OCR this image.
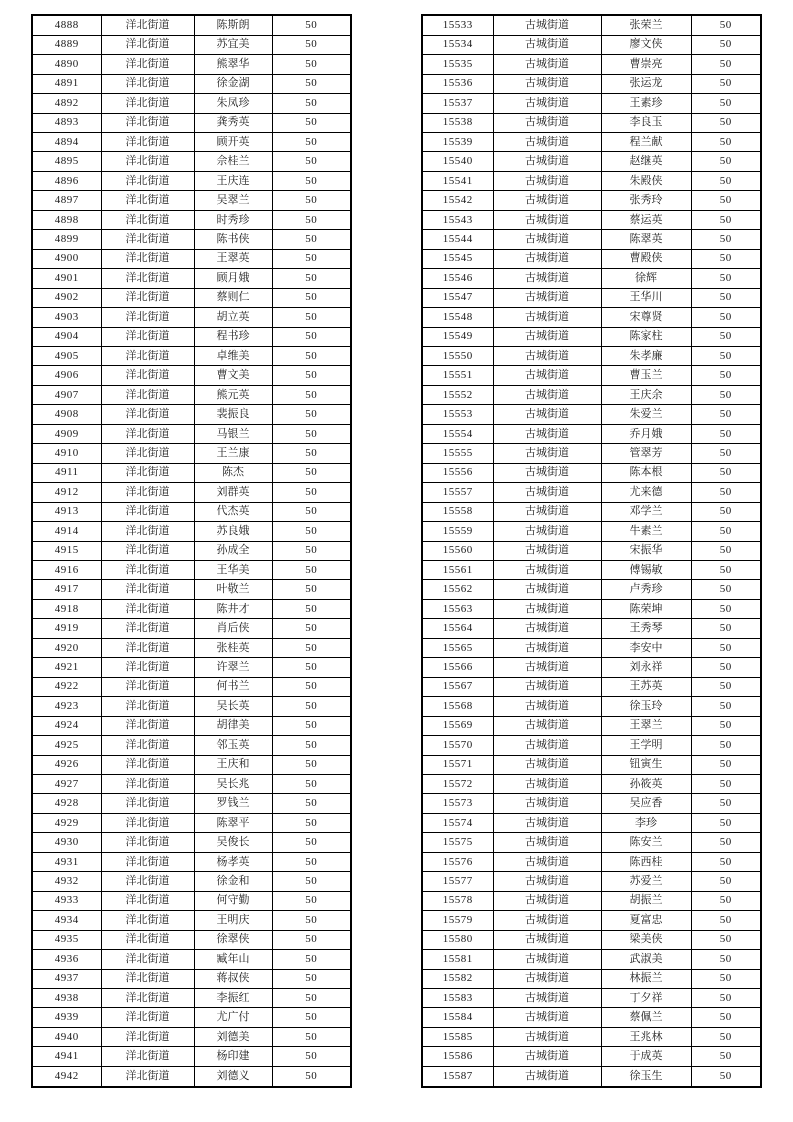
4888	洋北街道	陈斯朗	50
4889	洋北街道	苏宜美	50
4890	洋北街道	熊翠华	50
4891	洋北街道	徐金湖	50
4892	洋北街道	朱凤珍	50
4893	洋北街道	龚秀英	50
4894	洋北街道	顾开英	50
4895	洋北街道	佘桂兰	50
4896	洋北街道	王庆连	50
4897	洋北街道	吴翠兰	50
4898	洋北街道	时秀珍	50
4899	洋北街道	陈书侠	50
4900	洋北街道	王翠英	50
4901	洋北街道	顾月娥	50
4902	洋北街道	蔡则仁	50
4903	洋北街道	胡立英	50
4904	洋北街道	程书珍	50
4905	洋北街道	卓维美	50
4906	洋北街道	曹文美	50
4907	洋北街道	熊元英	50
4908	洋北街道	裴振良	50
4909	洋北街道	马银兰	50
4910	洋北街道	王兰康	50
4911	洋北街道	陈杰	50
4912	洋北街道	刘群英	50
4913	洋北街道	代杰英	50
4914	洋北街道	苏良娥	50
4915	洋北街道	孙成全	50
4916	洋北街道	王华美	50
4917	洋北街道	叶敬兰	50
4918	洋北街道	陈井才	50
4919	洋北街道	肖后侠	50
4920	洋北街道	张桂英	50
4921	洋北街道	许翠兰	50
4922	洋北街道	何书兰	50
4923	洋北街道	吴长英	50
4924	洋北街道	胡律美	50
4925	洋北街道	邻玉英	50
4926	洋北街道	王庆和	50
4927	洋北街道	吴长兆	50
4928	洋北街道	罗钱兰	50
4929	洋北街道	陈翠平	50
4930	洋北街道	吴俊长	50
4931	洋北街道	杨孝英	50
4932	洋北街道	徐金和	50
4933	洋北街道	何守勤	50
4934	洋北街道	王明庆	50
4935	洋北街道	徐翠侠	50
4936	洋北街道	臧年山	50
4937	洋北街道	蒋叔侠	50
4938	洋北街道	李振红	50
4939	洋北街道	尤广付	50
4940	洋北街道	刘德美	50
4941	洋北街道	杨印建	50
4942	洋北街道	刘德义	50
15533	古城街道	张荣兰	50
15534	古城街道	廖文侠	50
15535	古城街道	曹崇亮	50
15536	古城街道	张运龙	50
15537	古城街道	王素珍	50
15538	古城街道	李良玉	50
15539	古城街道	程兰献	50
15540	古城街道	赵继英	50
15541	古城街道	朱殿侠	50
15542	古城街道	张秀玲	50
15543	古城街道	蔡运英	50
15544	古城街道	陈翠英	50
15545	古城街道	曹殿侠	50
15546	古城街道	徐辉	50
15547	古城街道	王华川	50
15548	古城街道	宋尊贤	50
15549	古城街道	陈家柱	50
15550	古城街道	朱孝廉	50
15551	古城街道	曹玉兰	50
15552	古城街道	王庆余	50
15553	古城街道	朱爱兰	50
15554	古城街道	乔月娥	50
15555	古城街道	管翠芳	50
15556	古城街道	陈本根	50
15557	古城街道	尤来德	50
15558	古城街道	邓学兰	50
15559	古城街道	牛素兰	50
15560	古城街道	宋振华	50
15561	古城街道	傅锡敏	50
15562	古城街道	卢秀珍	50
15563	古城街道	陈荣坤	50
15564	古城街道	王秀琴	50
15565	古城街道	李安中	50
15566	古城街道	刘永祥	50
15567	古城街道	王苏英	50
15568	古城街道	徐玉玲	50
15569	古城街道	王翠兰	50
15570	古城街道	王学明	50
15571	古城街道	钮寅生	50
15572	古城街道	孙筱英	50
15573	古城街道	吴应香	50
15574	古城街道	李珍	50
15575	古城街道	陈安兰	50
15576	古城街道	陈西桂	50
15577	古城街道	苏爱兰	50
15578	古城街道	胡振兰	50
15579	古城街道	夏富忠	50
15580	古城街道	梁美侠	50
15581	古城街道	武淑美	50
15582	古城街道	林振兰	50
15583	古城街道	丁夕祥	50
15584	古城街道	蔡佩兰	50
15585	古城街道	王兆林	50
15586	古城街道	于成英	50
15587	古城街道	徐玉生	50
